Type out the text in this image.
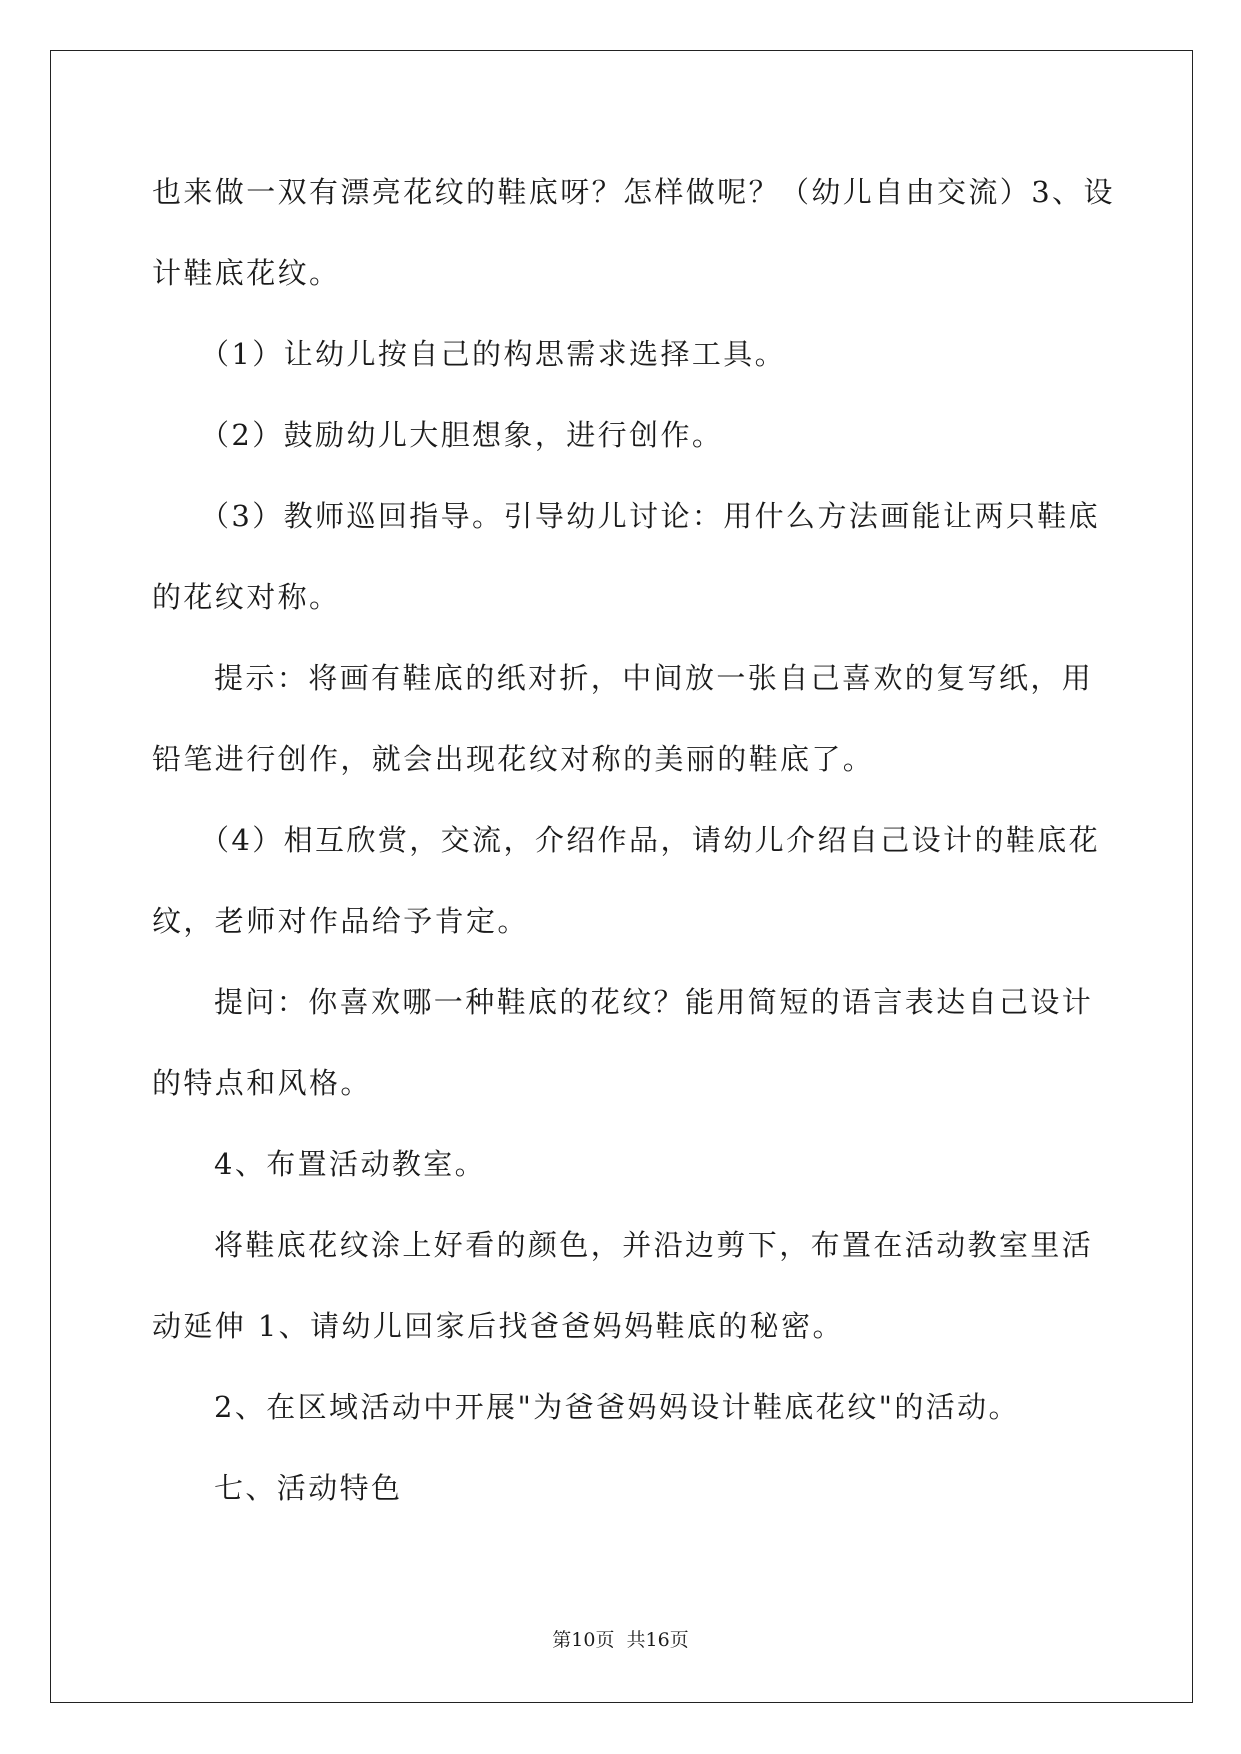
也来做一双有漂亮花纹的鞋底呀？怎样做呢？（幼儿自由交流）3、设
计鞋底花纹。
（1）让幼儿按自己的构思需求选择工具。
（2）鼓励幼儿大胆想象，进行创作。
（3）教师巡回指导。引导幼儿讨论：用什么方法画能让两只鞋底
的花纹对称。
提示：将画有鞋底的纸对折，中间放一张自己喜欢的复写纸，用
铅笔进行创作，就会出现花纹对称的美丽的鞋底了。
（4）相互欣赏，交流，介绍作品，请幼儿介绍自己设计的鞋底花
纹，老师对作品给予肯定。
提问：你喜欢哪一种鞋底的花纹？能用简短的语言表达自己设计
的特点和风格。
4、布置活动教室。
将鞋底花纹涂上好看的颜色，并沿边剪下，布置在活动教室里活
动延伸 1、请幼儿回家后找爸爸妈妈鞋底的秘密。
2、在区域活动中开展"为爸爸妈妈设计鞋底花纹"的活动。
七、活动特色
第10页 共16页
